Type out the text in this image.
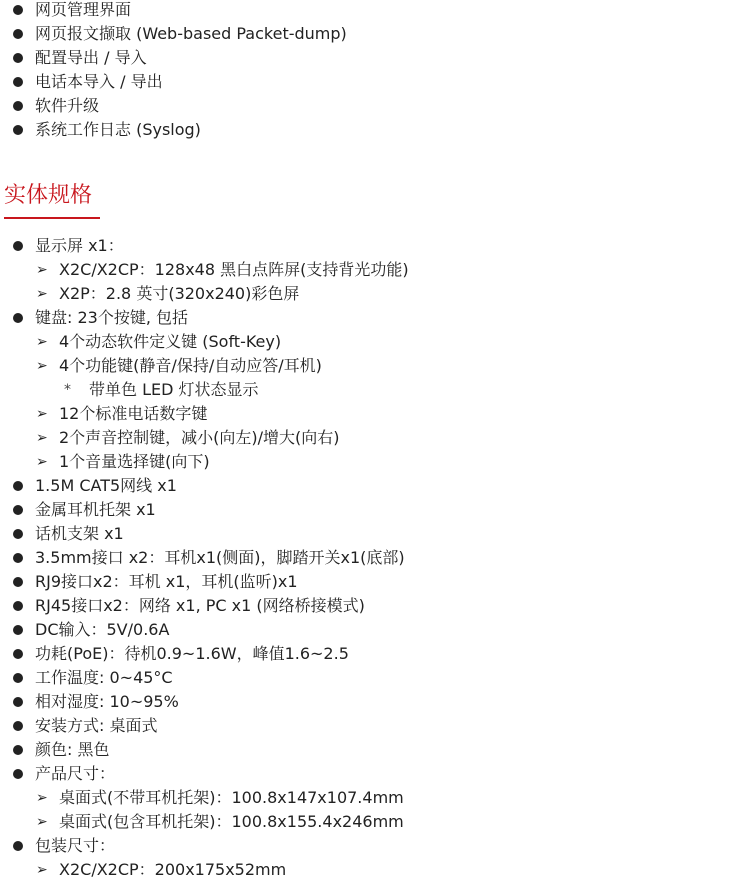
网页管理界面
网页报文撷取 (Web-based Packet-dump)
配置导出 / 导入
电话本导入 / 导出
软件升级
系统工作日志 (Syslog)
实体规格
显示屏 x1：
➢ X2C/X2CP：128x48 黑白点阵屏(支持背光功能)
➢ X2P：2.8 英寸(320x240)彩色屏
键盘: 23个按键, 包括
➢ 4个动态软件定义键 (Soft-Key)
➢ 4个功能键(静音/保持/自动应答/耳机)
* 带单色 LED 灯状态显示
➢ 12个标准电话数字键
➢ 2个声音控制键，减小(向左)/增大(向右)
➢ 1个音量选择键(向下)
1.5M CAT5网线 x1
金属耳机托架 x1
话机支架 x1
3.5mm接口 x2：耳机x1(侧面)，脚踏开关x1(底部)
RJ9接口x2：耳机 x1，耳机(监听)x1
RJ45接口x2：网络 x1, PC x1 (网络桥接模式)
DC输入：5V/0.6A
功耗(PoE)：待机0.9~1.6W，峰值1.6~2.5
工作温度: 0~45°C
相对湿度: 10~95%
安装方式: 桌面式
颜色: 黑色
产品尺寸：
➢ 桌面式(不带耳机托架)：100.8x147x107.4mm
➢ 桌面式(包含耳机托架)：100.8x155.4x246mm
包装尺寸：
➢ X2C/X2CP：200x175x52mm
